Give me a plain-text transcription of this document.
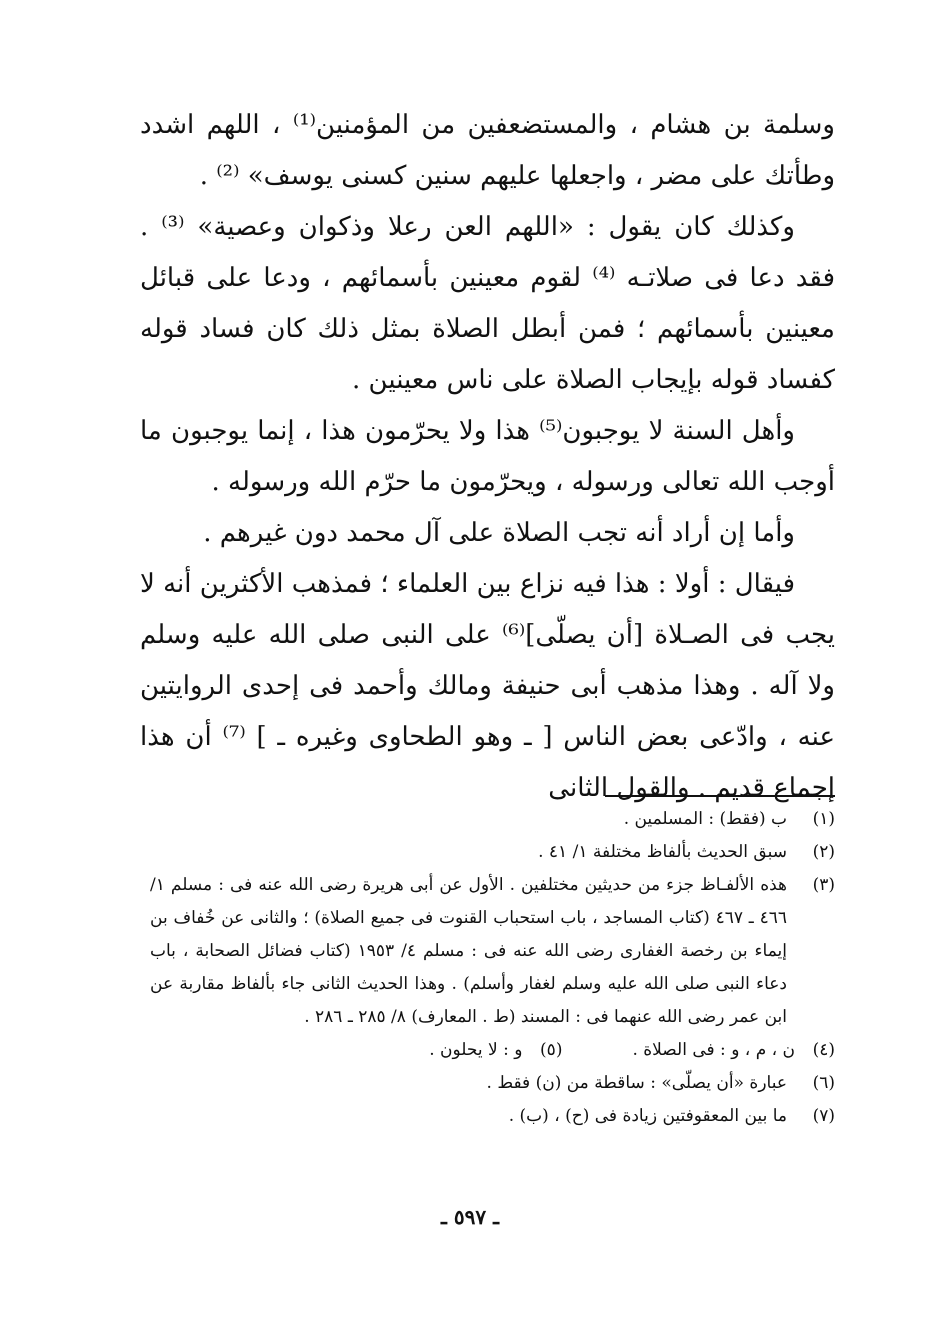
وسلمة بن هشام ، والمستضعفين من المؤمنين⁽¹⁾ ، اللهم اشدد وطأتك على مضر ، واجعلها عليهم سنين كسنى يوسف» ⁽²⁾ .

وكذلك كان يقول : «اللهم العن رعلا وذكوان وعصية» ⁽³⁾ . فقد دعا فى صلاتـه ⁽⁴⁾ لقوم معينين بأسمائهم ، ودعا على قبائل معينين بأسمائهم ؛ فمن أبطل الصلاة بمثل ذلك كان فساد قوله كفساد قوله بإيجاب الصلاة على ناس معينين .

وأهل السنة لا يوجبون⁽⁵⁾ هذا ولا يحرّمون هذا ، إنما يوجبون ما أوجب الله تعالى ورسوله ، ويحرّمون ما حرّم الله ورسوله .

وأما إن أراد أنه تجب الصلاة على آل محمد دون غيرهم .

فيقال : أولا : هذا فيه نزاع بين العلماء ؛ فمذهب الأكثرين أنه لا يجب فى الصـلاة [أن يصلّى]⁽⁶⁾ على النبى صلى الله عليه وسلم ولا آله . وهذا مذهب أبى حنيفة ومالك وأحمد فى إحدى الروايتين عنه ، وادّعى بعض الناس [ ـ وهو الطحاوى وغيره ـ ] ⁽⁷⁾ أن هذا إجماع قديم . والقول الثانى

(١)
ب (فقط) : المسلمين .
(٢)
سبق الحديث بألفاظ مختلفة ١/ ٤١ .
(٣)
هذه الألفـاظ جزء من حديثين مختلفين . الأول عن أبى هريرة رضى الله عنه فى : مسلم ١/ ٤٦٦ ـ ٤٦٧ (كتاب المساجد ، باب استحباب القنوت فى جميع الصلاة) ؛ والثانى عن خُفاف بن إيماء بن رخصة الغفارى رضى الله عنه فى : مسلم ٤/ ١٩٥٣ (كتاب فضائل الصحابة ، باب دعاء النبى صلى الله عليه وسلم لغفار وأسلم) . وهذا الحديث الثانى جاء بألفاظ مقاربة عن ابن عمر رضى الله عنهما فى : المسند (ط . المعارف) ٨/ ٢٨٥ ـ ٢٨٦ .
(٤)
ن ، م ، و : فى الصلاة .
(٥)
و : لا يحلون .
(٦)
عبارة «أن يصلّى» : ساقطة من (ن) فقط .
(٧)
ما بين المعقوفتين زيادة فى (ح) ، (ب) .
ـ ٥٩٧ ـ
